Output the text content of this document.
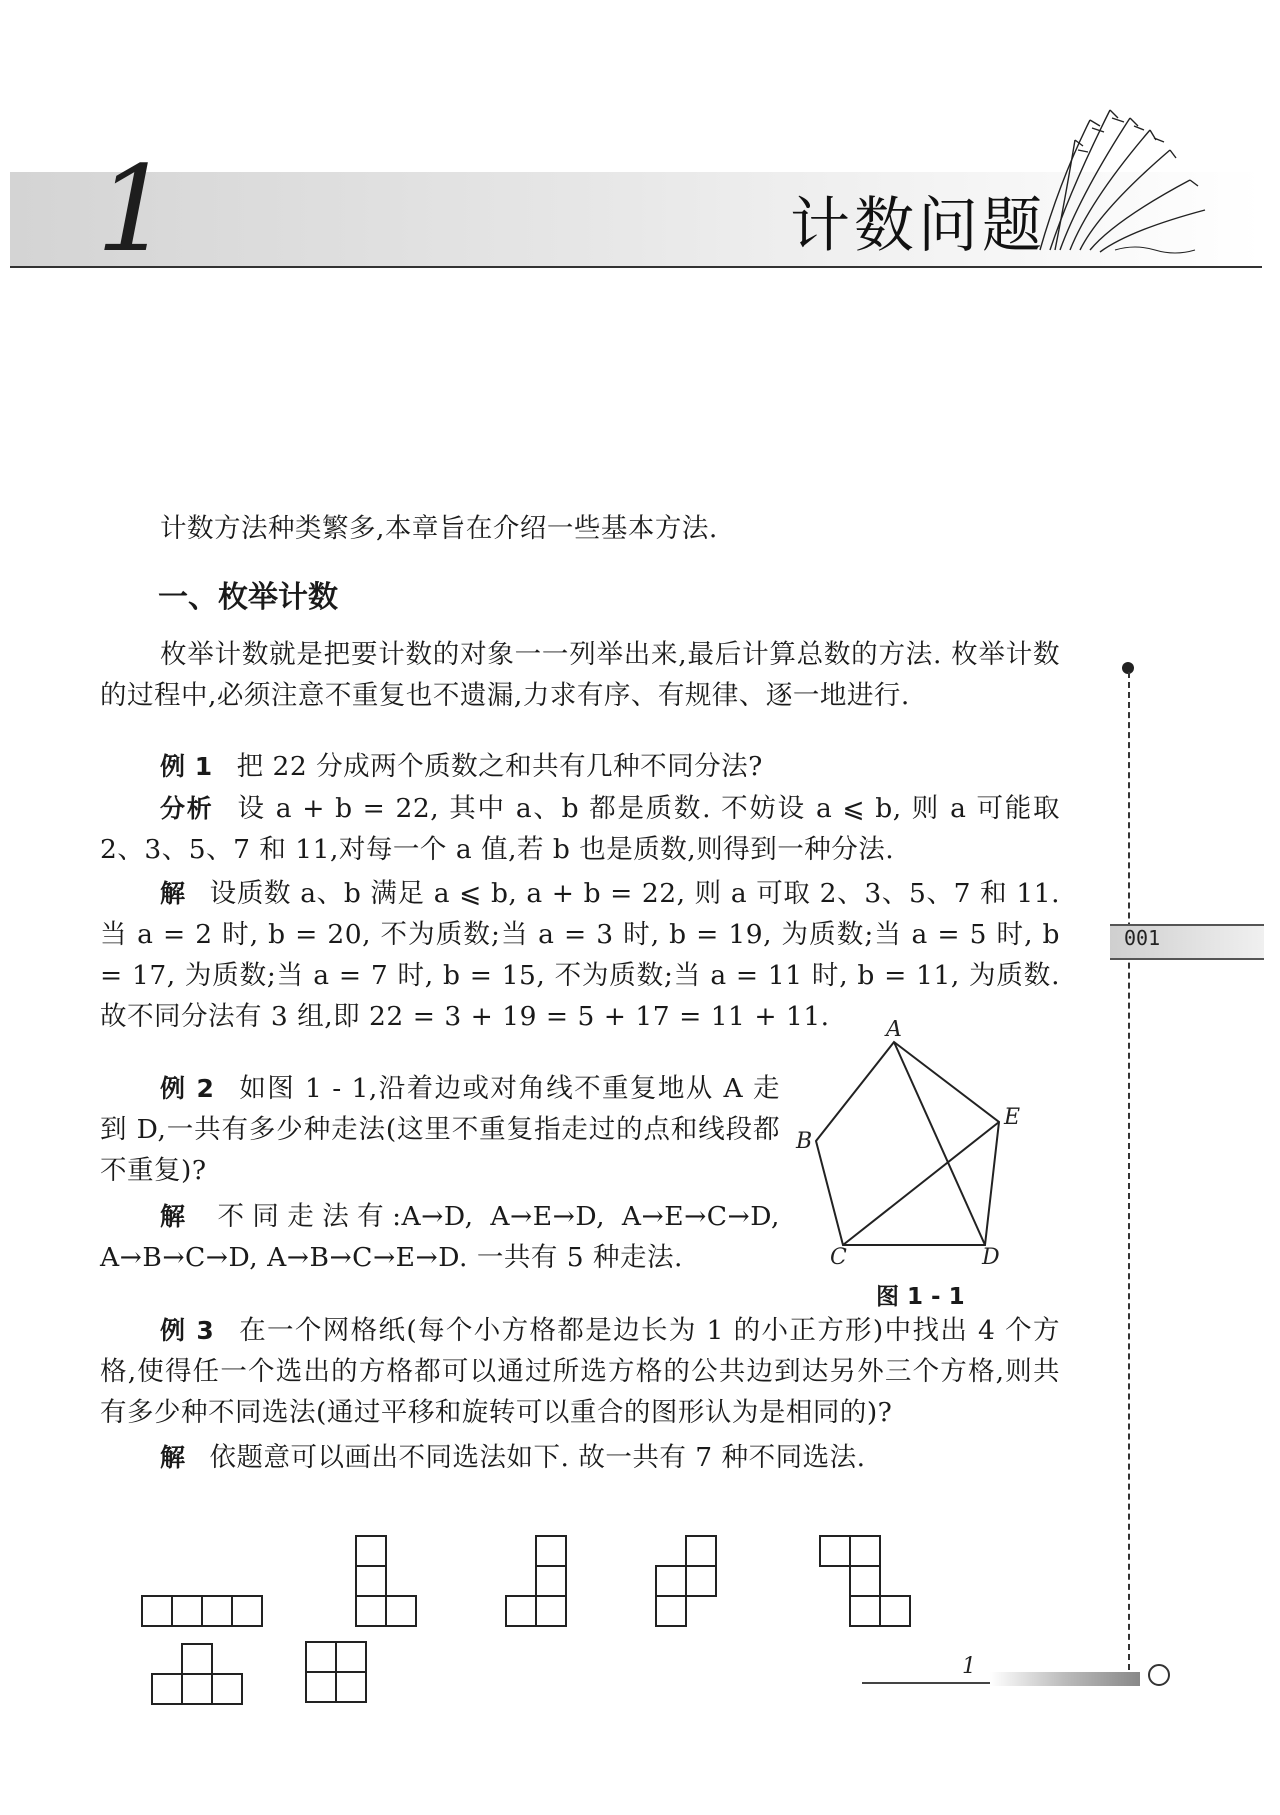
1	计数问题
计数方法种类繁多,本章旨在介绍一些基本方法.
一、枚举计数
枚举计数就是把要计数的对象一一列举出来,最后计算总数的方法. 枚举计数的过程中,必须注意不重复也不遗漏,力求有序、有规律、逐一地进行.
例 1 把 22 分成两个质数之和共有几种不同分法?
分析 设 a + b = 22, 其中 a、b 都是质数. 不妨设 a ⩽ b, 则 a 可能取 2、3、5、7 和 11,对每一个 a 值,若 b 也是质数,则得到一种分法.
解 设质数 a、b 满足 a ⩽ b, a + b = 22, 则 a 可取 2、3、5、7 和 11. 当 a = 2 时, b = 20, 不为质数;当 a = 3 时, b = 19, 为质数;当 a = 5 时, b = 17, 为质数;当 a = 7 时, b = 15, 不为质数;当 a = 11 时, b = 11, 为质数. 故不同分法有 3 组,即 22 = 3 + 19 = 5 + 17 = 11 + 11.
例 2 如图 1 - 1,沿着边或对角线不重复地从 A 走到 D,一共有多少种走法(这里不重复指走过的点和线段都不重复)?
解 不同走法有:A→D, A→E→D, A→E→C→D, A→B→C→D, A→B→C→E→D. 一共有 5 种走法.
A
B
C	D
E
图 1 - 1
例 3 在一个网格纸(每个小方格都是边长为 1 的小正方形)中找出 4 个方格,使得任一个选出的方格都可以通过所选方格的公共边到达另外三个方格,则共有多少种不同选法(通过平移和旋转可以重合的图形认为是相同的)?
解 依题意可以画出不同选法如下. 故一共有 7 种不同选法.
001
1
